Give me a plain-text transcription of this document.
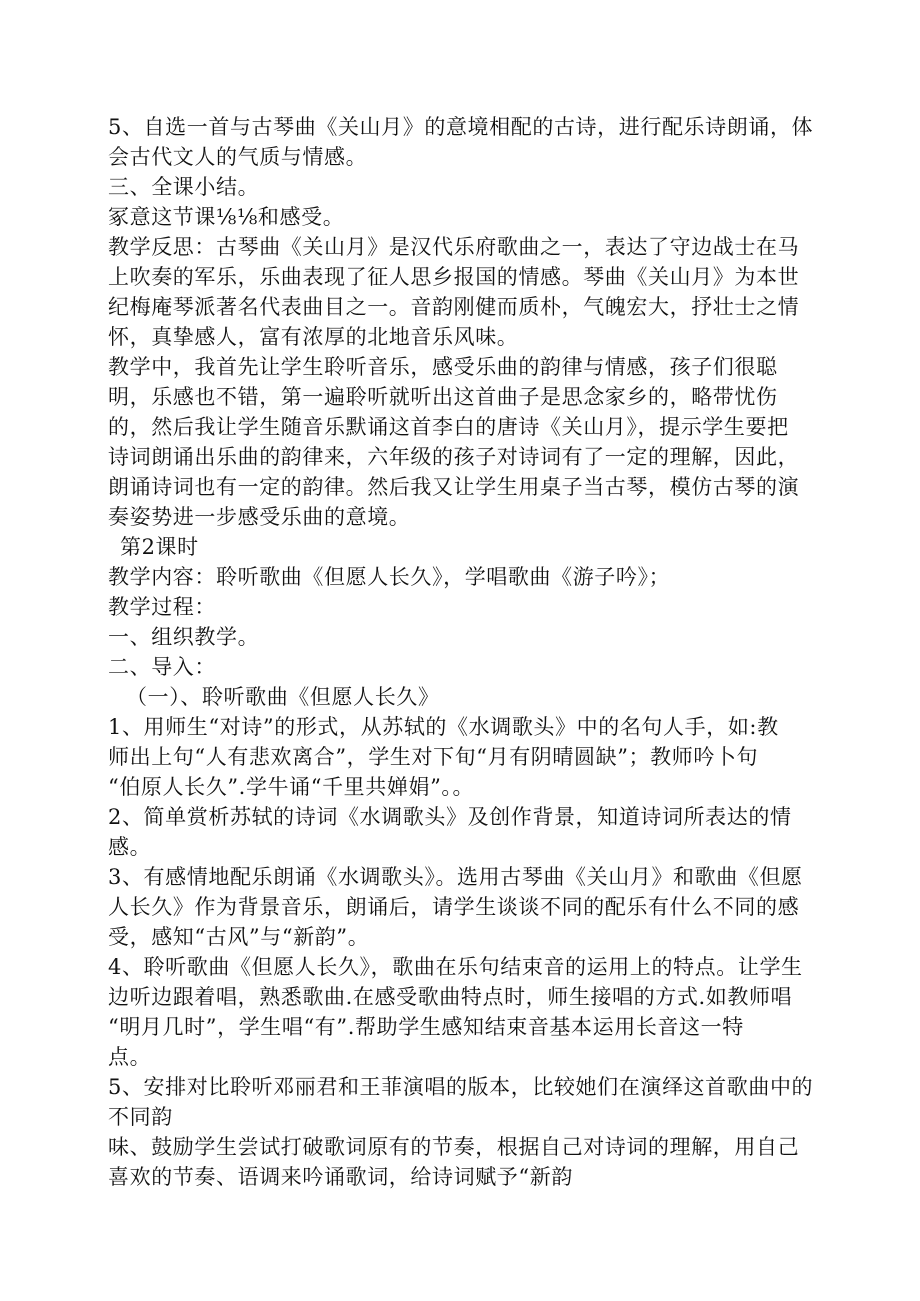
5、自选一首与古琴曲《关山月》的意境相配的古诗，进行配乐诗朗诵，体
会古代文人的气质与情感。
三、全课小结。
冢意这节课⅛⅛和感受。
教学反思：古琴曲《关山月》是汉代乐府歌曲之一，表达了守边战士在马
上吹奏的军乐，乐曲表现了征人思乡报国的情感。琴曲《关山月》为本世
纪梅庵琴派著名代表曲目之一。音韵刚健而质朴，气魄宏大，抒壮士之情
怀，真挚感人，富有浓厚的北地音乐风味。
教学中，我首先让学生聆听音乐，感受乐曲的韵律与情感，孩子们很聪
明，乐感也不错，第一遍聆听就听出这首曲子是思念家乡的，略带忧伤
的，然后我让学生随音乐默诵这首李白的唐诗《关山月》，提示学生要把
诗词朗诵出乐曲的韵律来，六年级的孩子对诗词有了一定的理解，因此，
朗诵诗词也有一定的韵律。然后我又让学生用桌子当古琴，模仿古琴的演
奏姿势进一步感受乐曲的意境。
第2课时
教学内容：聆听歌曲《但愿人长久》，学唱歌曲《游子吟》；
教学过程：
一、组织教学。
二、导入：
（一）、聆听歌曲《但愿人长久》
1、用师生“对诗”的形式，从苏轼的《水调歌头》中的名句人手，如:教
师出上句“人有悲欢离合”，学生对下旬“月有阴晴圆缺”；教师吟卜句
“伯原人长久”.学牛诵“千里共婵娟”。。
2、简单赏析苏轼的诗词《水调歌头》及创作背景，知道诗词所表达的情
感。
3、有感情地配乐朗诵《水调歌头》。选用古琴曲《关山月》和歌曲《但愿
人长久》作为背景音乐，朗诵后，请学生谈谈不同的配乐有什么不同的感
受，感知“古风”与“新韵”。
4、聆听歌曲《但愿人长久》，歌曲在乐句结束音的运用上的特点。让学生
边听边跟着唱，熟悉歌曲.在感受歌曲特点时，师生接唱的方式.如教师唱
“明月几时”，学生唱“有”.帮助学生感知结束音基本运用长音这一特
点。
5、安排对比聆听邓丽君和王菲演唱的版本，比较她们在演绎这首歌曲中的
不同韵
味、鼓励学生尝试打破歌词原有的节奏，根据自己对诗词的理解，用自己
喜欢的节奏、语调来吟诵歌词，给诗词赋予“新韵
